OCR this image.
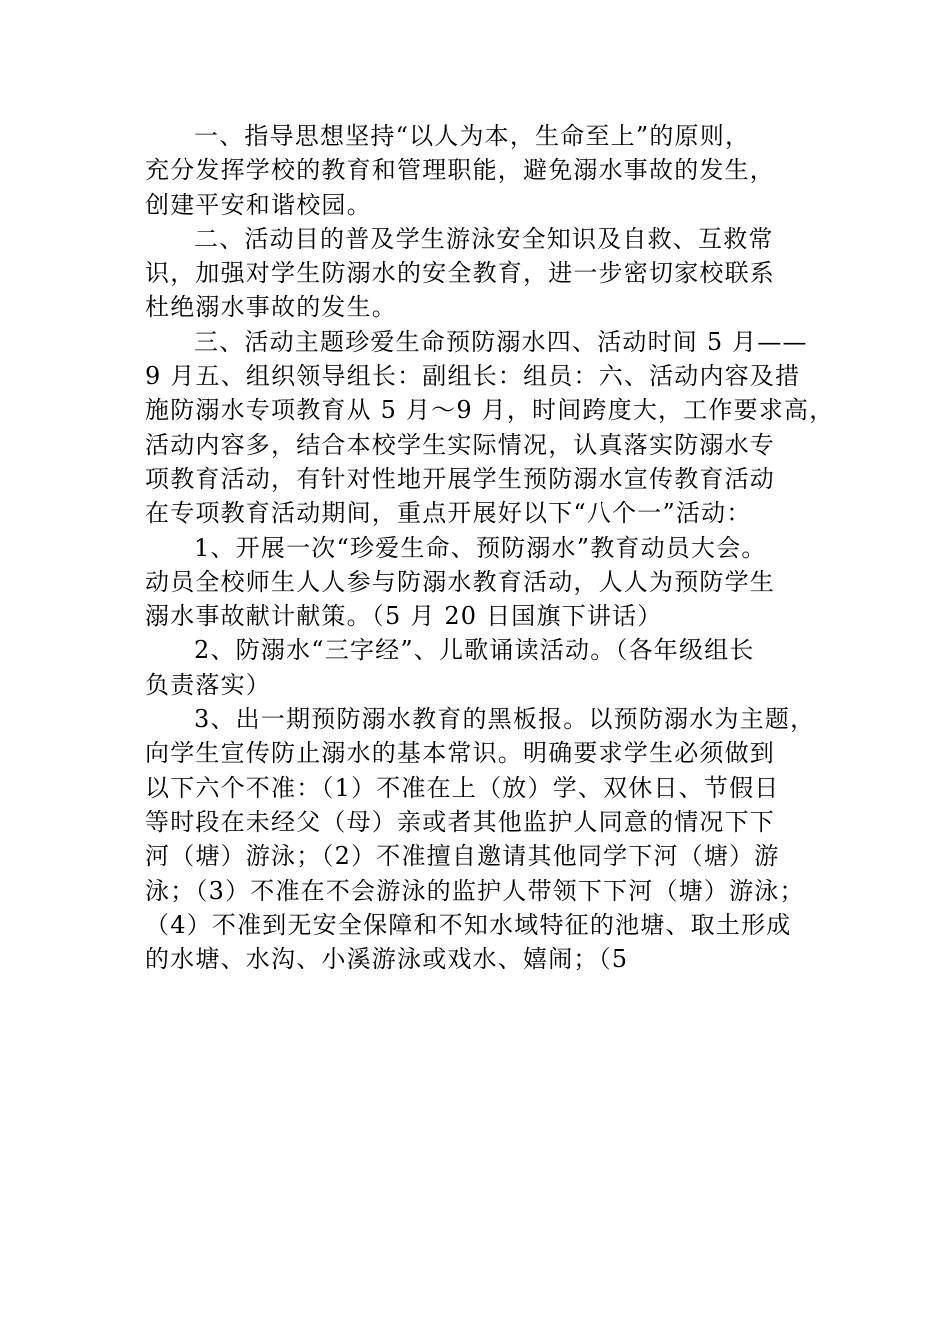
一、指导思想坚持“以人为本，生命至上”的原则，
充分发挥学校的教育和管理职能，避免溺水事故的发生，
创建平安和谐校园。
二、活动目的普及学生游泳安全知识及自救、互救常
识，加强对学生防溺水的安全教育，进一步密切家校联系
杜绝溺水事故的发生。
三、活动主题珍爱生命预防溺水四、活动时间 5 月——
9 月五、组织领导组长：副组长：组员：六、活动内容及措
施防溺水专项教育从 5 月～9 月，时间跨度大，工作要求高，
活动内容多，结合本校学生实际情况，认真落实防溺水专
项教育活动，有针对性地开展学生预防溺水宣传教育活动
在专项教育活动期间，重点开展好以下“八个一”活动：
1、开展一次“珍爱生命、预防溺水”教育动员大会。
动员全校师生人人参与防溺水教育活动，人人为预防学生
溺水事故献计献策。（5 月 20 日国旗下讲话）
2、防溺水“三字经”、儿歌诵读活动。（各年级组长
负责落实）
3、出一期预防溺水教育的黑板报。以预防溺水为主题，
向学生宣传防止溺水的基本常识。明确要求学生必须做到
以下六个不准：（1）不准在上（放）学、双休日、节假日
等时段在未经父（母）亲或者其他监护人同意的情况下下
河（塘）游泳；（2）不准擅自邀请其他同学下河（塘）游
泳；（3）不准在不会游泳的监护人带领下下河（塘）游泳；
（4）不准到无安全保障和不知水域特征的池塘、取土形成
的水塘、水沟、小溪游泳或戏水、嬉闹；（5
